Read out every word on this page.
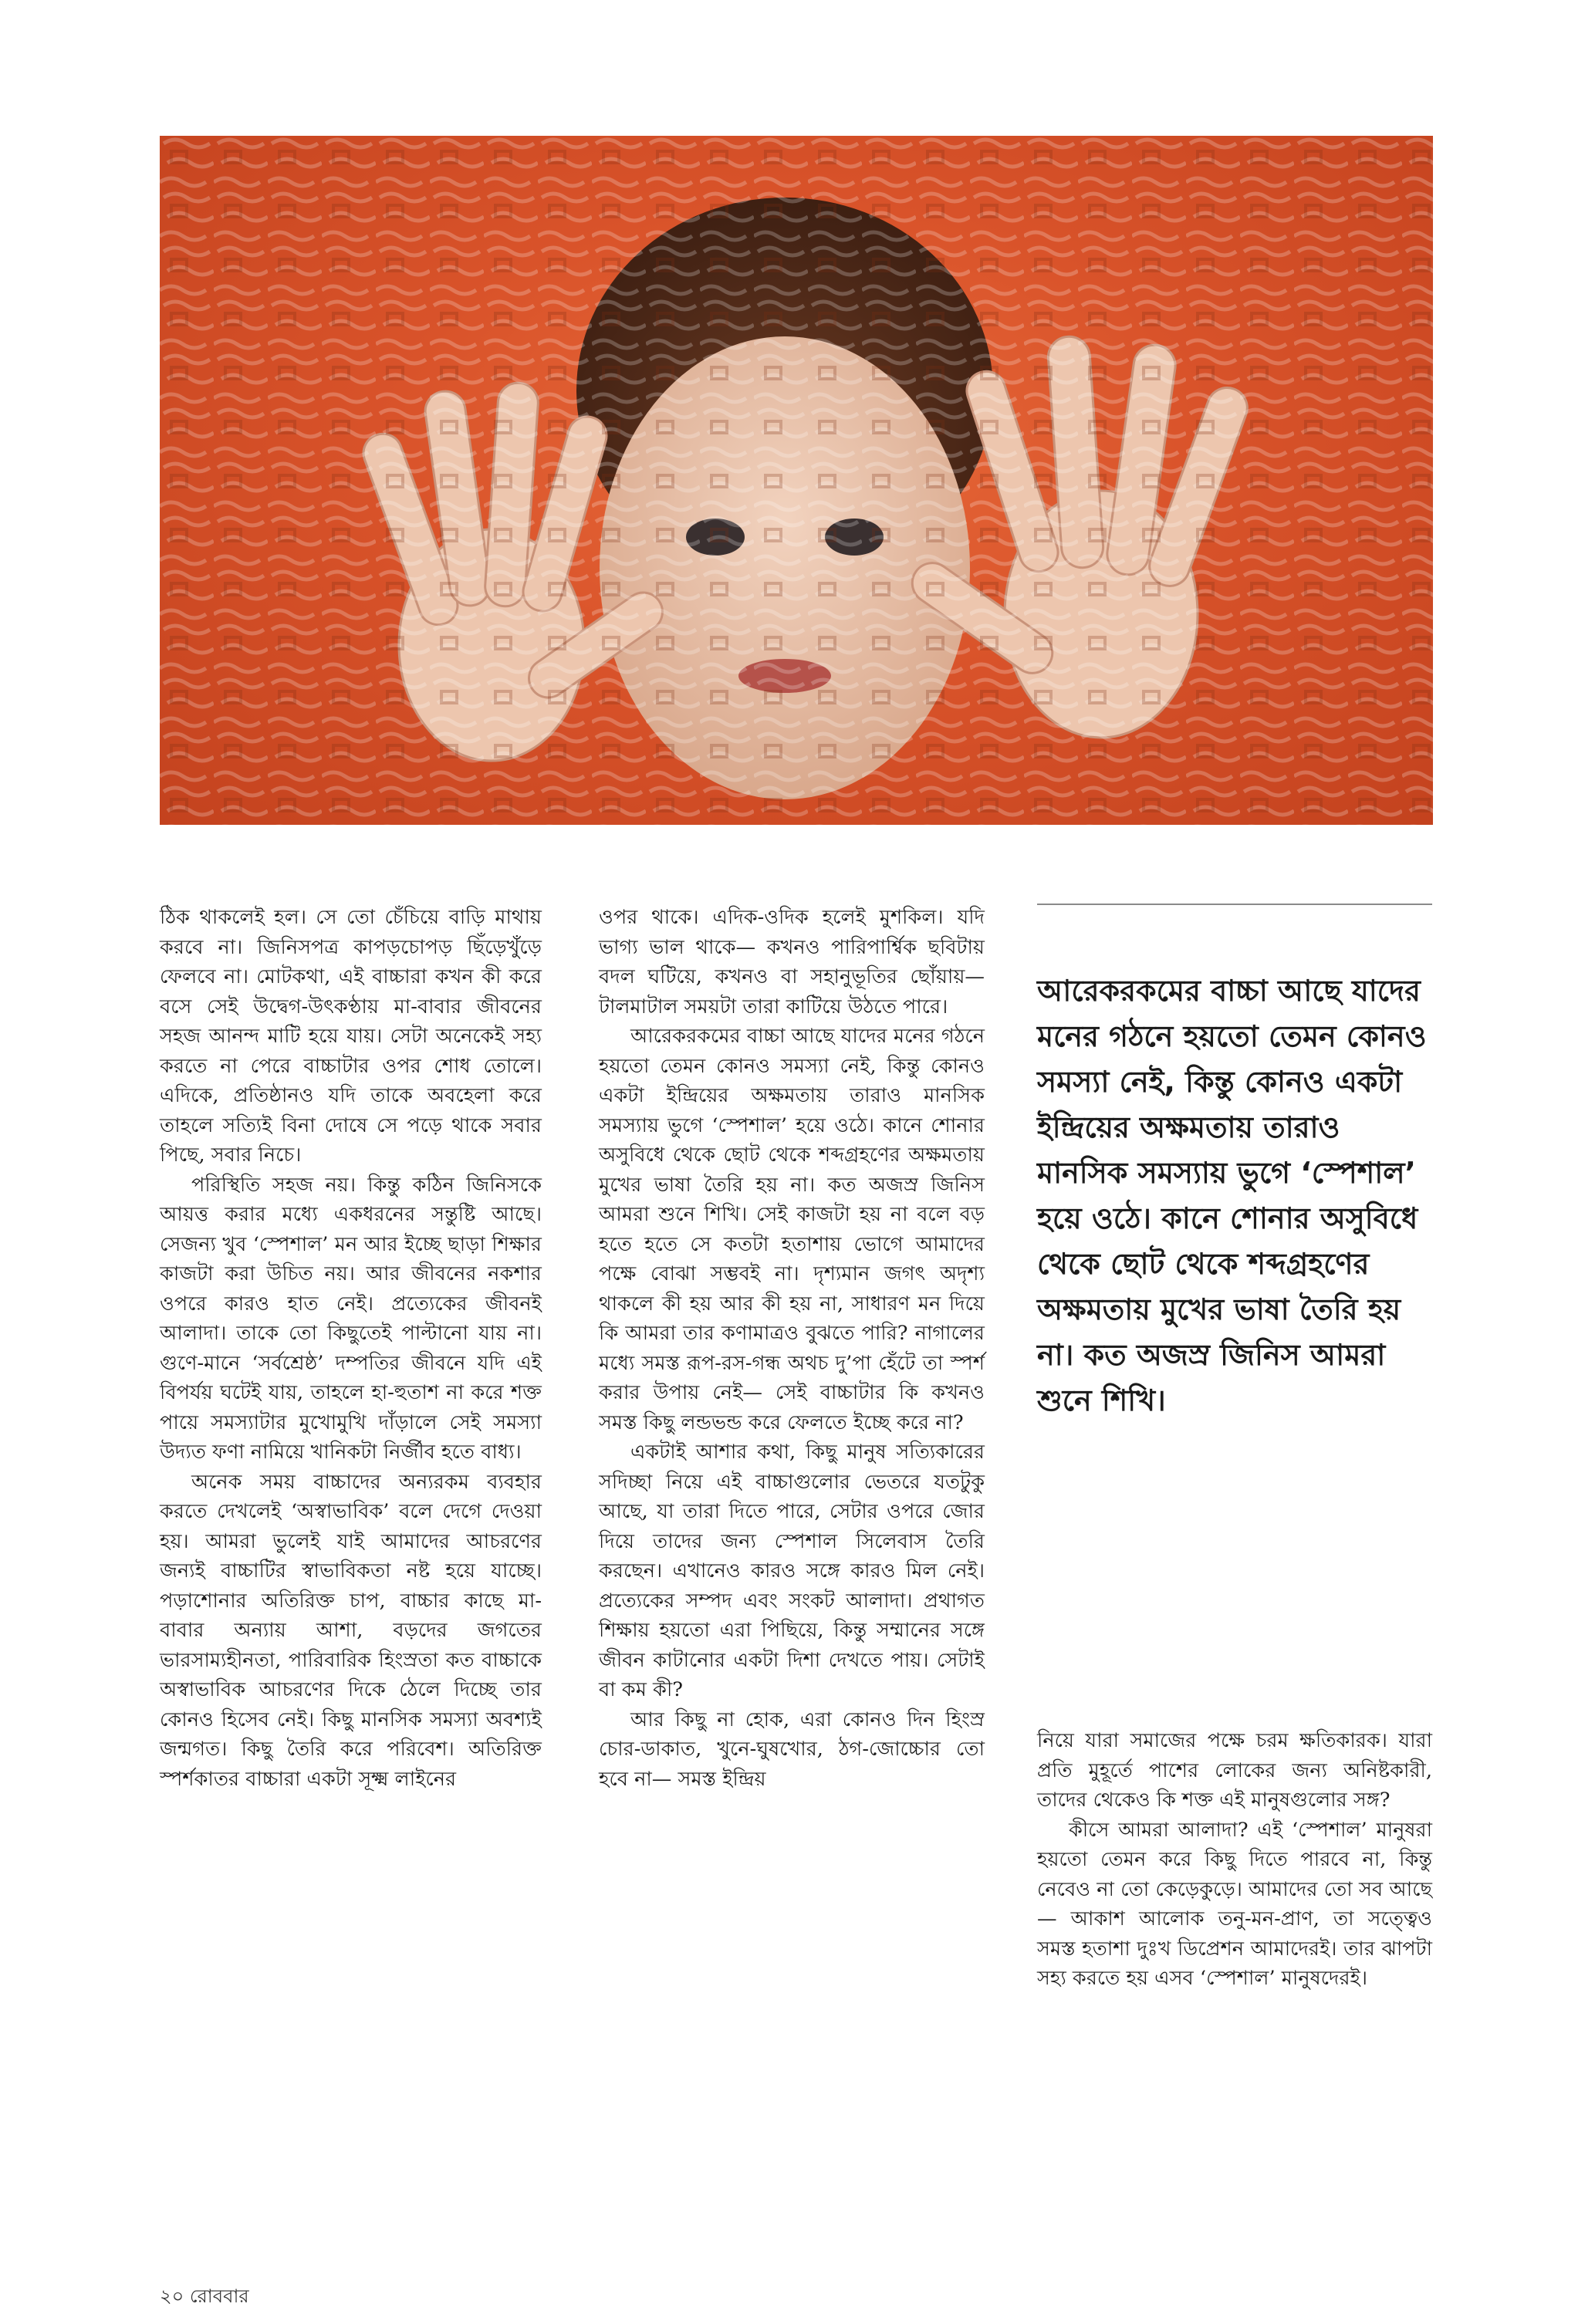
ঠিক থাকলেই হল। সে তো চেঁচিয়ে বাড়ি মাথায় করবে না। জিনিসপত্র কাপড়চোপড় ছিঁড়েখুঁড়ে ফেলবে না। মোটকথা, এই বাচ্চারা কখন কী করে বসে সেই উদ্বেগ-উৎকণ্ঠায় মা-বাবার জীবনের সহজ আনন্দ মাটি হয়ে যায়। সেটা অনেকেই সহ্য করতে না পেরে বাচ্চাটার ওপর শোধ তোলে। এদিকে, প্রতিষ্ঠানও যদি তাকে অবহেলা করে তাহলে সত্যিই বিনা দোষে সে পড়ে থাকে সবার পিছে, সবার নিচে।

পরিস্থিতি সহজ নয়। কিন্তু কঠিন জিনিসকে আয়ত্ত করার মধ্যে একধরনের সন্তুষ্টি আছে। সেজন্য খুব ‘স্পেশাল’ মন আর ইচ্ছে ছাড়া শিক্ষার কাজটা করা উচিত নয়। আর জীবনের নকশার ওপরে কারও হাত নেই। প্রত্যেকের জীবনই আলাদা। তাকে তো কিছুতেই পাল্টানো যায় না। গুণে-মানে ‘সর্বশ্রেষ্ঠ’ দম্পতির জীবনে যদি এই বিপর্যয় ঘটেই যায়, তাহলে হা-হুতাশ না করে শক্ত পায়ে সমস্যাটার মুখোমুখি দাঁড়ালে সেই সমস্যা উদ্যত ফণা নামিয়ে খানিকটা নির্জীব হতে বাধ্য।

অনেক সময় বাচ্চাদের অন্যরকম ব্যবহার করতে দেখলেই ‘অস্বাভাবিক’ বলে দেগে দেওয়া হয়। আমরা ভুলেই যাই আমাদের আচরণের জন্যই বাচ্চাটির স্বাভাবিকতা নষ্ট হয়ে যাচ্ছে। পড়াশোনার অতিরিক্ত চাপ, বাচ্চার কাছে মা-বাবার অন্যায় আশা, বড়দের জগতের ভারসাম্যহীনতা, পারিবারিক হিংস্রতা কত বাচ্চাকে অস্বাভাবিক আচরণের দিকে ঠেলে দিচ্ছে তার কোনও হিসেব নেই। কিছু মানসিক সমস্যা অবশ্যই জন্মগত। কিছু তৈরি করে পরিবেশ। অতিরিক্ত স্পর্শকাতর বাচ্চারা একটা সূক্ষ্ম লাইনের

ওপর থাকে। এদিক-ওদিক হলেই মুশকিল। যদি ভাগ্য ভাল থাকে— কখনও পারিপার্শ্বিক ছবিটায় বদল ঘটিয়ে, কখনও বা সহানুভূতির ছোঁয়ায়— টালমাটাল সময়টা তারা কাটিয়ে উঠতে পারে।

আরেকরকমের বাচ্চা আছে যাদের মনের গঠনে হয়তো তেমন কোনও সমস্যা নেই, কিন্তু কোনও একটা ইন্দ্রিয়ের অক্ষমতায় তারাও মানসিক সমস্যায় ভুগে ‘স্পেশাল’ হয়ে ওঠে। কানে শোনার অসুবিধে থেকে ছোট থেকে শব্দগ্রহণের অক্ষমতায় মুখের ভাষা তৈরি হয় না। কত অজস্র জিনিস আমরা শুনে শিখি। সেই কাজটা হয় না বলে বড় হতে হতে সে কতটা হতাশায় ভোগে আমাদের পক্ষে বোঝা সম্ভবই না। দৃশ্যমান জগৎ অদৃশ্য থাকলে কী হয় আর কী হয় না, সাধারণ মন দিয়ে কি আমরা তার কণামাত্রও বুঝতে পারি? নাগালের মধ্যে সমস্ত রূপ-রস-গন্ধ অথচ দু’পা হেঁটে তা স্পর্শ করার উপায় নেই— সেই বাচ্চাটার কি কখনও সমস্ত কিছু লন্ডভন্ড করে ফেলতে ইচ্ছে করে না?

একটাই আশার কথা, কিছু মানুষ সত্যিকারের সদিচ্ছা নিয়ে এই বাচ্চাগুলোর ভেতরে যতটুকু আছে, যা তারা দিতে পারে, সেটার ওপরে জোর দিয়ে তাদের জন্য স্পেশাল সিলেবাস তৈরি করছেন। এখানেও কারও সঙ্গে কারও মিল নেই। প্রত্যেকের সম্পদ এবং সংকট আলাদা। প্রথাগত শিক্ষায় হয়তো এরা পিছিয়ে, কিন্তু সম্মানের সঙ্গে জীবন কাটানোর একটা দিশা দেখতে পায়। সেটাই বা কম কী?

আর কিছু না হোক, এরা কোনও দিন হিংস্র চোর-ডাকাত, খুনে-ঘুষখোর, ঠগ-জোচ্চোর তো হবে না— সমস্ত ইন্দ্রিয়

আরেকরকমের বাচ্চা আছে যাদের মনের গঠনে হয়তো তেমন কোনও সমস্যা নেই, কিন্তু কোনও একটা ইন্দ্রিয়ের অক্ষমতায় তারাও মানসিক সমস্যায় ভুগে ‘স্পেশাল’ হয়ে ওঠে। কানে শোনার অসুবিধে থেকে ছোট থেকে শব্দগ্রহণের অক্ষমতায় মুখের ভাষা তৈরি হয় না। কত অজস্র জিনিস আমরা শুনে শিখি।

নিয়ে যারা সমাজের পক্ষে চরম ক্ষতিকারক। যারা প্রতি মুহূর্তে পাশের লোকের জন্য অনিষ্টকারী, তাদের থেকেও কি শক্ত এই মানুষগুলোর সঙ্গ?

কীসে আমরা আলাদা? এই ‘স্পেশাল’ মানুষরা হয়তো তেমন করে কিছু দিতে পারবে না, কিন্তু নেবেও না তো কেড়েকুড়ে। আমাদের তো সব আছে— আকাশ আলোক তনু-মন-প্রাণ, তা সত্ত্বেও সমস্ত হতাশা দুঃখ ডিপ্রেশন আমাদেরই। তার ঝাপটা সহ্য করতে হয় এসব ‘স্পেশাল’ মানুষদেরই।

২০ রোববার
